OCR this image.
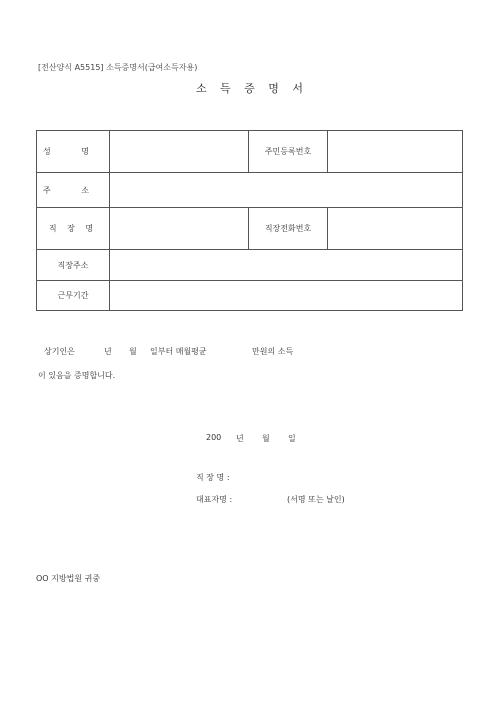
[전산양식 A5515] 소득증명서(급여소득자용)
소 득 증 명 서
성 명		주민등록번호	
주 소			
직 장 명		직장전화번호	
직장주소			
근무기간			
상기인은	년 월 일부터 매월평균	만원의 소득
이 있음을 증명합니다.
200 년 월 일
직 장 명 :
대표자명 :	(서명 또는 날인)
OO 지방법원 귀중
